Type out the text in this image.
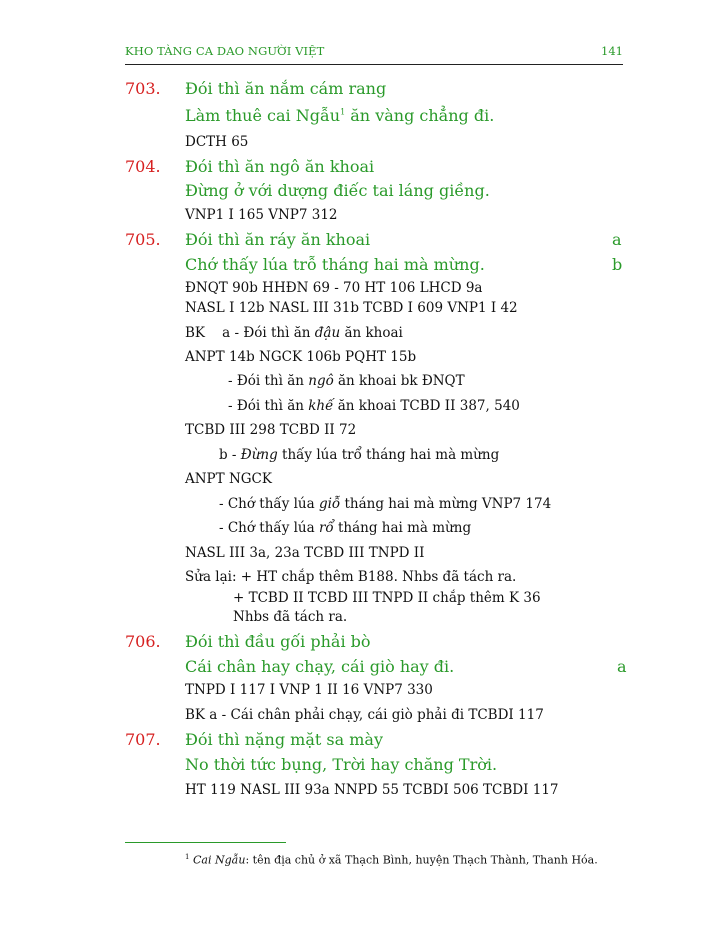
KHO TÀNG CA DAO NGƯỜI VIỆT	141
703. Đói thì ăn nắm cám rang
Làm thuê cai Ngẫu$^1$ ăn vàng chẳng đi.
DCTH 65
704. Đói thì ăn ngô ăn khoai
Đừng ở với dượng điếc tai láng giềng.
VNP1 I 165 VNP7 312
705. Đói thì ăn ráy ăn khoai	a
Chớ thấy lúa trỗ tháng hai mà mừng.	b
ĐNQT 90b HHĐN 69 - 70 HT 106 LHCD 9a
NASL I 12b NASL III 31b TCBD I 609 VNP1 I 42
BK    a - Đói thì ăn đậu ăn khoai
ANPT 14b NGCK 106b PQHT 15b
- Đói thì ăn ngô ăn khoai bk ĐNQT
- Đói thì ăn khế ăn khoai TCBD II 387, 540
TCBD III 298 TCBD II 72
b - Đừng thấy lúa trổ tháng hai mà mừng
ANPT NGCK
- Chớ thấy lúa giỗ tháng hai mà mừng VNP7 174
- Chớ thấy lúa rổ tháng hai mà mừng
NASL III 3a, 23a TCBD III TNPD II
Sửa lại: + HT chắp thêm B188. Nhbs đã tách ra.
+ TCBD II TCBD III TNPD II chắp thêm K 36
Nhbs đã tách ra.
706. Đói thì đầu gối phải bò
Cái chân hay chạy, cái giò hay đi.	a
TNPD I 117 I VNP 1 II 16 VNP7 330
BK a - Cái chân phải chạy, cái giò phải đi TCBDI 117
707. Đói thì nặng mặt sa mày
No thời tức bụng, Trời hay chăng Trời.
HT 119 NASL III 93a NNPD 55 TCBDI 506 TCBDI 117
$^1$ Cai Ngẫu: tên địa chủ ở xã Thạch Bình, huyện Thạch Thành, Thanh Hóa.
